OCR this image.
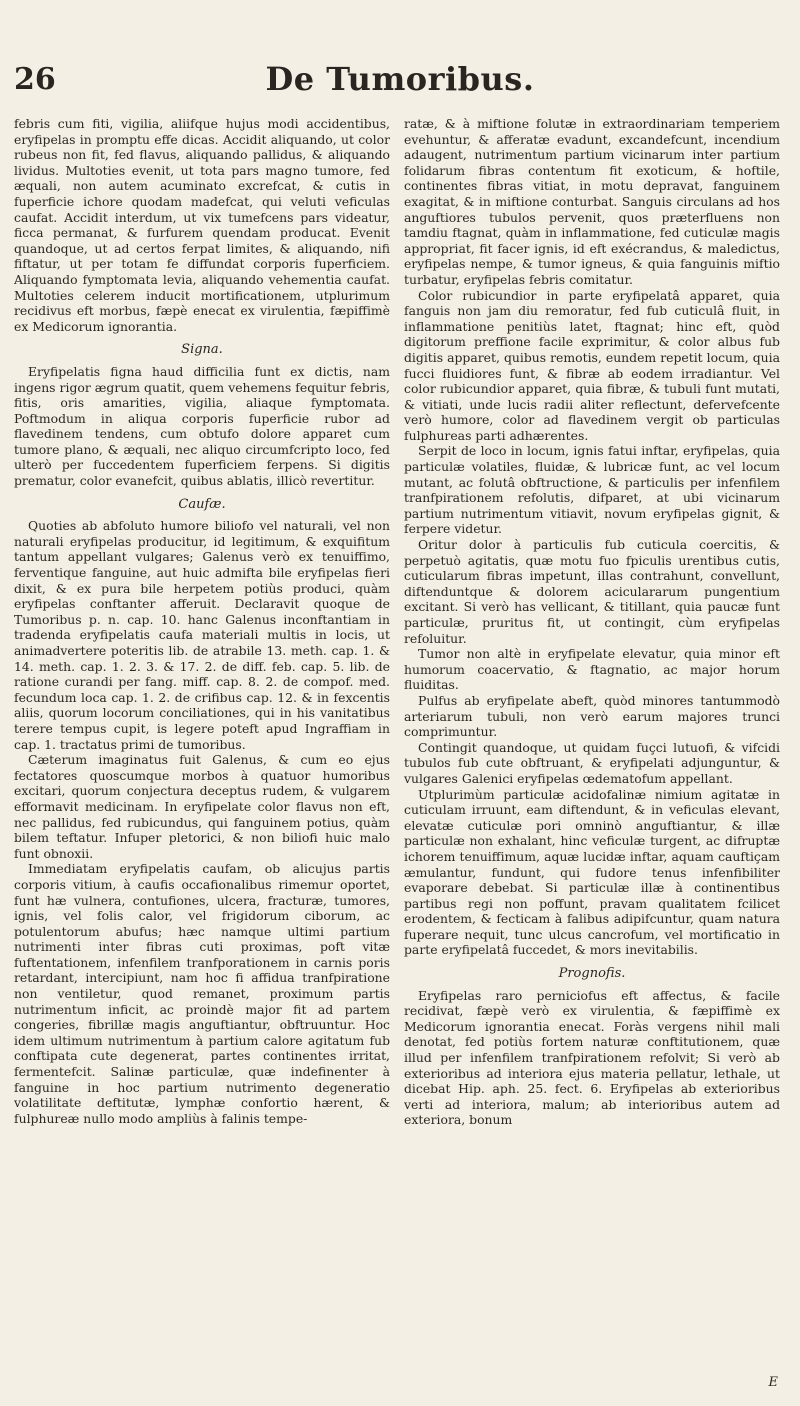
26	De Tumoribus.

febris cum fiti, vigilia, aliifque hujus modi accidentibus, eryfipelas in promptu effe dicas. Accidit aliquando, ut color rubeus non fit, fed flavus, aliquando pallidus, & aliquando lividus. Multoties evenit, ut tota pars magno tumore, fed æquali, non autem acuminato excrefcat, & cutis in fuperficie ichore quodam madefcat, qui veluti veficulas caufat. Accidit interdum, ut vix tumefcens pars videatur, ficca permanat, & furfurem quendam producat. Evenit quandoque, ut ad certos ferpat limites, & aliquando, nifi fiftatur, ut per totam fe diffundat corporis fuperficiem. Aliquando fymptomata levia, aliquando vehementia caufat. Multoties celerem inducit mortificationem, utplurimum recidivus eft morbus, fæpè enecat ex virulentia, fæpiffimè ex Medicorum ignorantia.

Signa.

Eryfipelatis figna haud difficilia funt ex dictis, nam ingens rigor ægrum quatit, quem vehemens fequitur febris, fitis, oris amarities, vigilia, aliaque fymptomata. Poftmodum in aliqua corporis fuperficie rubor ad flavedinem tendens, cum obtufo dolore apparet cum tumore plano, & æquali, nec aliquo circumfcripto loco, fed ulterò per fuccedentem fuperficiem ferpens. Si digitis prematur, color evanefcit, quibus ablatis, illicò revertitur.

Caufæ.

Quoties ab abfoluto humore biliofo vel naturali, vel non naturali eryfipelas producitur, id legitimum, & exquifitum tantum appellant vulgares; Galenus verò ex tenuiffimo, ferventique fanguine, aut huic admifta bile eryfipelas fieri dixit, & ex pura bile herpetem potiùs produci, quàm eryfipelas conftanter afferuit. Declaravit quoque de Tumoribus p. n. cap. 10. hanc Galenus inconftantiam in tradenda eryfipelatis caufa materiali multis in locis, ut animadvertere poteritis lib. de atrabile 13. meth. cap. 1. & 14. meth. cap. 1. 2. 3. & 17. 2. de diff. feb. cap. 5. lib. de ratione curandi per fang. miff. cap. 8. 2. de compof. med. fecundum loca cap. 1. 2. de crifibus cap. 12. & in fexcentis aliis, quorum locorum conciliationes, qui in his vanitatibus terere tempus cupit, is legere poteft apud Ingraffiam in cap. 1. tractatus primi de tumoribus.

Cæterum imaginatus fuit Galenus, & cum eo ejus fectatores quoscumque morbos à quatuor humoribus excitari, quorum conjectura deceptus rudem, & vulgarem efformavit medicinam. In eryfipelate color flavus non eft, nec pallidus, fed rubicundus, qui fanguinem potius, quàm bilem teftatur. Infuper pletorici, & non biliofi huic malo funt obnoxii.

Immediatam eryfipelatis caufam, ob alicujus partis corporis vitium, à caufis occafionalibus rimemur oportet, funt hæ vulnera, contufiones, ulcera, fracturæ, tumores, ignis, vel folis calor, vel frigidorum ciborum, ac potulentorum abufus; hæc namque ultimi partium nutrimenti inter fibras cuti proximas, poft vitæ fuftentationem, infenfilem tranfporationem in carnis poris retardant, intercipiunt, nam hoc fi affidua tranfpiratione non ventiletur, quod remanet, proximum partis nutrimentum inficit, ac proindè major fit ad partem congeries, fibrillæ magis anguftiantur, obftruuntur. Hoc idem ultimum nutrimentum à partium calore agitatum fub conftipata cute degenerat, partes continentes irritat, fermentefcit. Salinæ particulæ, quæ indefinenter à fanguine in hoc partium nutrimento degeneratio volatilitate deftitutæ, lymphæ confortio hærent, & fulphureæ nullo modo ampliùs à falinis tempe-

ratæ, & à miftione folutæ in extraordinariam temperiem evehuntur, & afferatæ evadunt, excandefcunt, incendium adaugent, nutrimentum partium vicinarum inter partium folidarum fibras contentum fit exoticum, & hoftile, continentes fibras vitiat, in motu depravat, fanguinem exagitat, & in miftione conturbat. Sanguis circulans ad hos anguftiores tubulos pervenit, quos præterfluens non tamdiu ftagnat, quàm in inflammatione, fed cuticulæ magis appropriat, fit facer ignis, id eft exécrandus, & maledictus, eryfipelas nempe, & tumor igneus, & quia fanguinis miftio turbatur, eryfipelas febris comitatur.

Color rubicundior in parte eryfipelatâ apparet, quia fanguis non jam diu remoratur, fed fub cuticulâ fluit, in inflammatione penitiùs latet, ftagnat; hinc eft, quòd digitorum preffione facile exprimitur, & color albus fub digitis apparet, quibus remotis, eundem repetit locum, quia fucci fluidiores funt, & fibræ ab eodem irradiantur. Vel color rubicundior apparet, quia fibræ, & tubuli funt mutati, & vitiati, unde lucis radii aliter reflectunt, defervefcente verò humore, color ad flavedinem vergit ob particulas fulphureas parti adhærentes.

Serpit de loco in locum, ignis fatui inftar, eryfipelas, quia particulæ volatiles, fluidæ, & lubricæ funt, ac vel locum mutant, ac folutâ obftructione, & particulis per infenfilem tranfpirationem refolutis, difparet, at ubi vicinarum partium nutrimentum vitiavit, novum eryfipelas gignit, & ferpere videtur.

Oritur dolor à particulis fub cuticula coercitis, & perpetuò agitatis, quæ motu fuo fpiculis urentibus cutis, cuticularum fibras impetunt, illas contrahunt, convellunt, diftenduntque & dolorem aciculararum pungentium excitant. Si verò has vellicant, & titillant, quia paucæ funt particulæ, pruritus fit, ut contingit, cùm eryfipelas refoluitur.

Tumor non altè in eryfipelate elevatur, quia minor eft humorum coacervatio, & ftagnatio, ac major horum fluiditas.

Pulfus ab eryfipelate abeft, quòd minores tantummodò arteriarum tubuli, non verò earum majores trunci comprimuntur.

Contingit quandoque, ut quidam fuçci lutuofi, & vifcidi tubulos fub cute obftruant, & eryfipelati adjunguntur, & vulgares Galenici eryfipelas œdematofum appellant.

Utplurimùm particulæ acidofalinæ nimium agitatæ in cuticulam irruunt, eam diftendunt, & in veficulas elevant, elevatæ cuticulæ pori omninò anguftiantur, & illæ particulæ non exhalant, hinc veficulæ turgent, ac difruptæ ichorem tenuiffimum, aquæ lucidæ inftar, aquam cauftiçam æmulantur, fundunt, qui fudore tenus infenfibiliter evaporare debebat. Si particulæ illæ à continentibus partibus regi non poffunt, pravam qualitatem fcilicet erodentem, & fecticam à falibus adipifcuntur, quam natura fuperare nequit, tunc ulcus cancrofum, vel mortificatio in parte eryfipelatâ fuccedet, & mors inevitabilis.

Prognofis.

Eryfipelas raro perniciofus eft affectus, & facile recidivat, fæpè verò ex virulentia, & fæpiffimè ex Medicorum ignorantia enecat. Foràs vergens nihil mali denotat, fed potiùs fortem naturæ conftitutionem, quæ illud per infenfilem tranfpirationem refolvit; Si verò ab exterioribus ad interiora ejus materia pellatur, lethale, ut dicebat Hip. aph. 25. fect. 6. Eryfipelas ab exterioribus verti ad interiora, malum; ab interioribus autem ad exteriora, bonum

E
